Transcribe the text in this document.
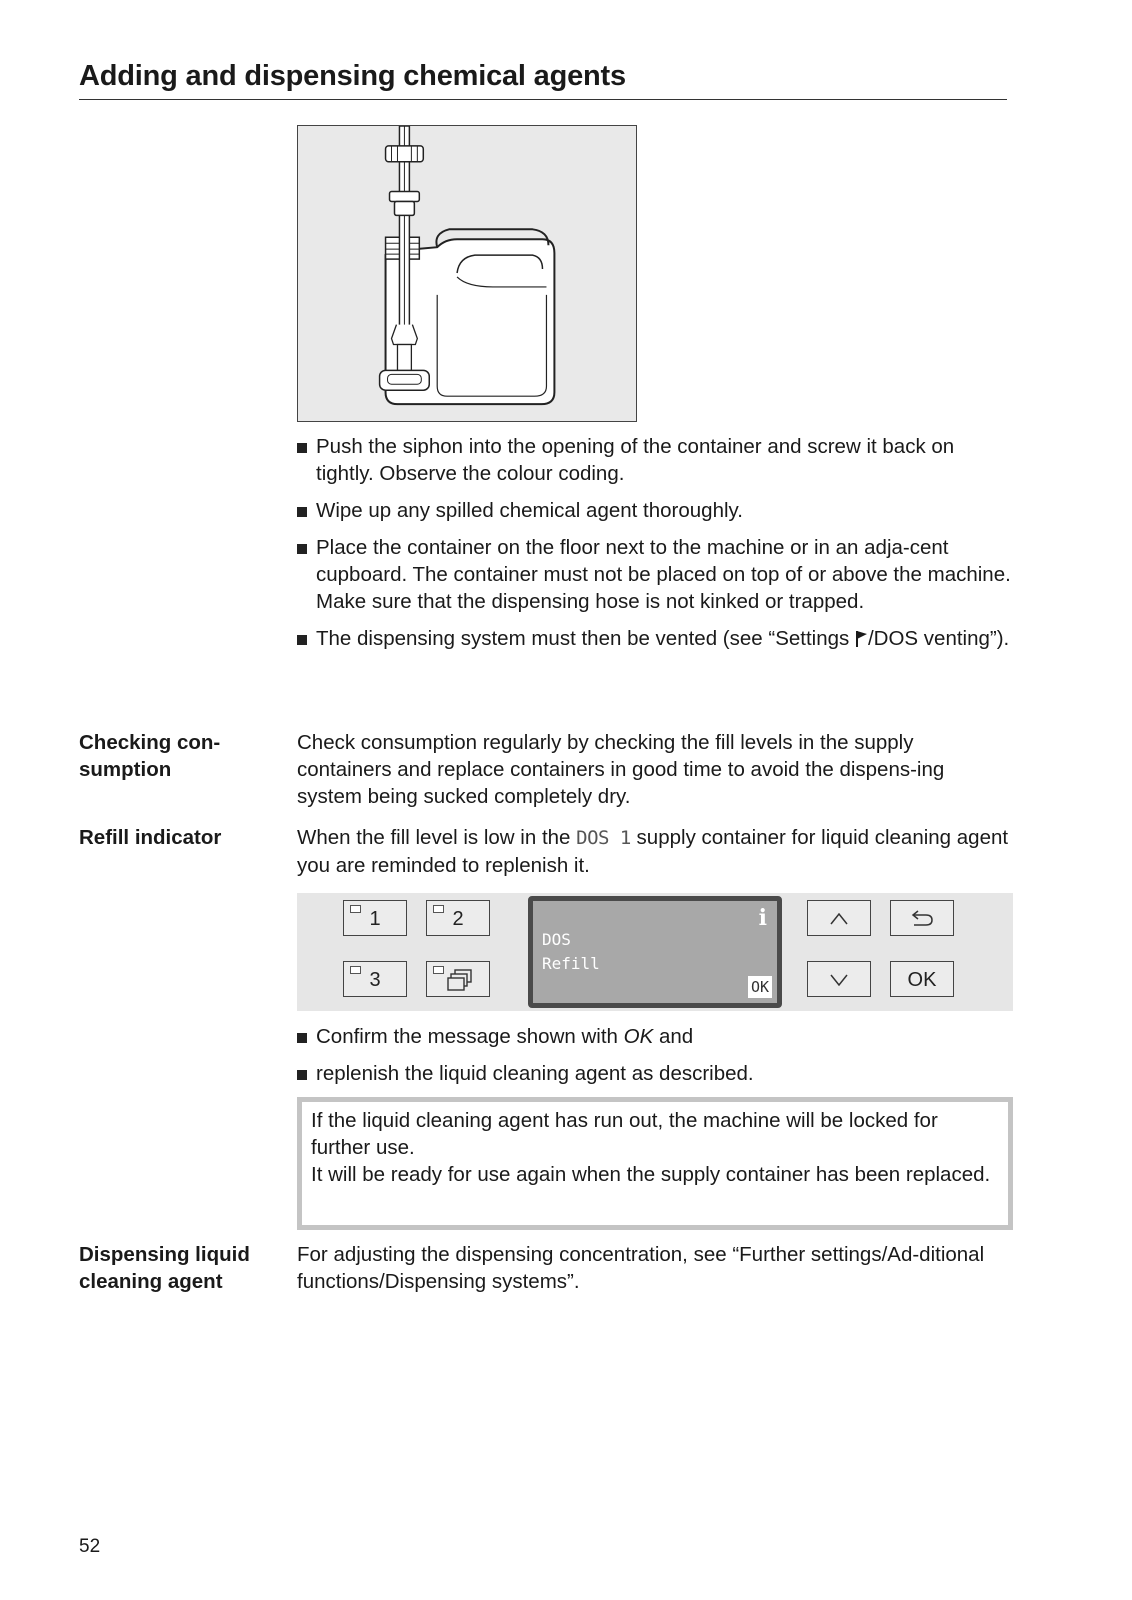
Adding and dispensing chemical agents
Push the siphon into the opening of the container and screw it back on tightly. Observe the colour coding.
Wipe up any spilled chemical agent thoroughly.
Place the container on the floor next to the machine or in an adja-cent cupboard. The container must not be placed on top of or above the machine. Make sure that the dispensing hose is not kinked or trapped.
The dispensing system must then be vented (see “Settings /DOS venting”).
Checking con-sumption
Check consumption regularly by checking the fill levels in the supply containers and replace containers in good time to avoid the dispens-ing system being sucked completely dry.
Refill indicator	When the fill level is low in the DOS 1 supply container for liquid cleaning agent you are reminded to replenish it.
1	2
3
i
DOS
Refill
OK	OK
Confirm the message shown with OK and
replenish the liquid cleaning agent as described.

If the liquid cleaning agent has run out, the machine will be locked for further use.

It will be ready for use again when the supply container has been replaced.

Dispensing liquid cleaning agent
For adjusting the dispensing concentration, see “Further settings/Ad-ditional functions/Dispensing systems”.
52
